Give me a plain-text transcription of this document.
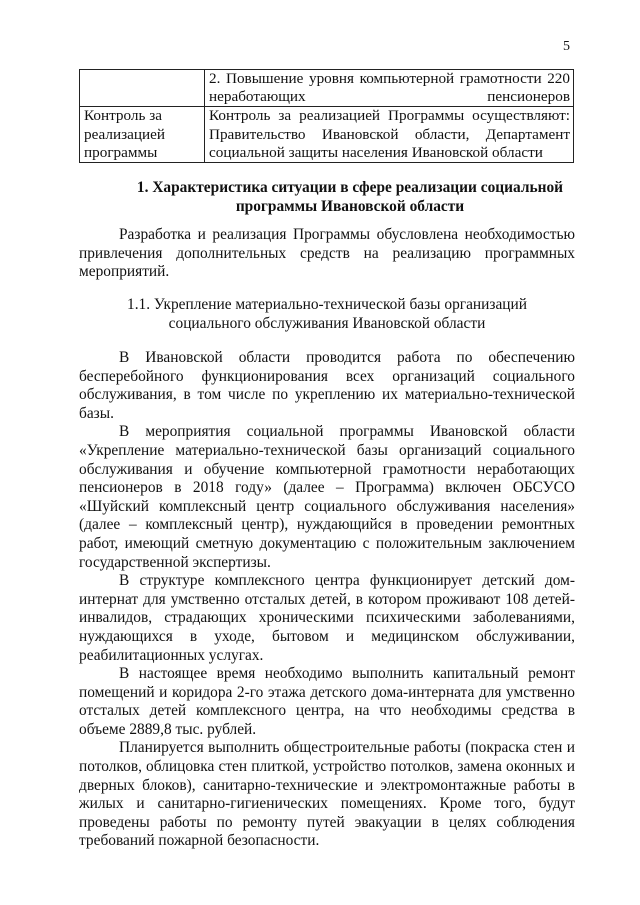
5

	2. Повышение уровня компьютерной грамотности 220 неработающих пенсионеров

Контроль за реализацией программы	Контроль за реализацией Программы осуществляют: Правительство Ивановской области, Департамент социальной защиты населения Ивановской области

1. Характеристика ситуации в сфере реализации социальной программы Ивановской области

Разработка и реализация Программы обусловлена необходимостью привлечения дополнительных средств на реализацию программных мероприятий.

1.1. Укрепление материально-технической базы организаций
социального обслуживания Ивановской области

В Ивановской области проводится работа по обеспечению бесперебойного функционирования всех организаций социального обслуживания, в том числе по укреплению их материально-технической базы.

В мероприятия социальной программы Ивановской области «Укрепление материально-технической базы организаций социального обслуживания и обучение компьютерной грамотности неработающих пенсионеров в 2018 году» (далее – Программа) включен ОБСУСО «Шуйский комплексный центр социального обслуживания населения» (далее – комплексный центр), нуждающийся в проведении ремонтных работ, имеющий сметную документацию с положительным заключением государственной экспертизы.

В структуре комплексного центра функционирует детский дом-интернат для умственно отсталых детей, в котором проживают 108 детей-инвалидов, страдающих хроническими психическими заболеваниями, нуждающихся в уходе, бытовом и медицинском обслуживании, реабилитационных услугах.

В настоящее время необходимо выполнить капитальный ремонт помещений и коридора 2-го этажа детского дома-интерната для умственно отсталых детей комплексного центра, на что необходимы средства в объеме 2889,8 тыс. рублей.

Планируется выполнить общестроительные работы (покраска стен и потолков, облицовка стен плиткой, устройство потолков, замена оконных и дверных блоков), санитарно-технические и электромонтажные работы в жилых и санитарно-гигиенических помещениях. Кроме того, будут проведены работы по ремонту путей эвакуации в целях соблюдения требований пожарной безопасности.
